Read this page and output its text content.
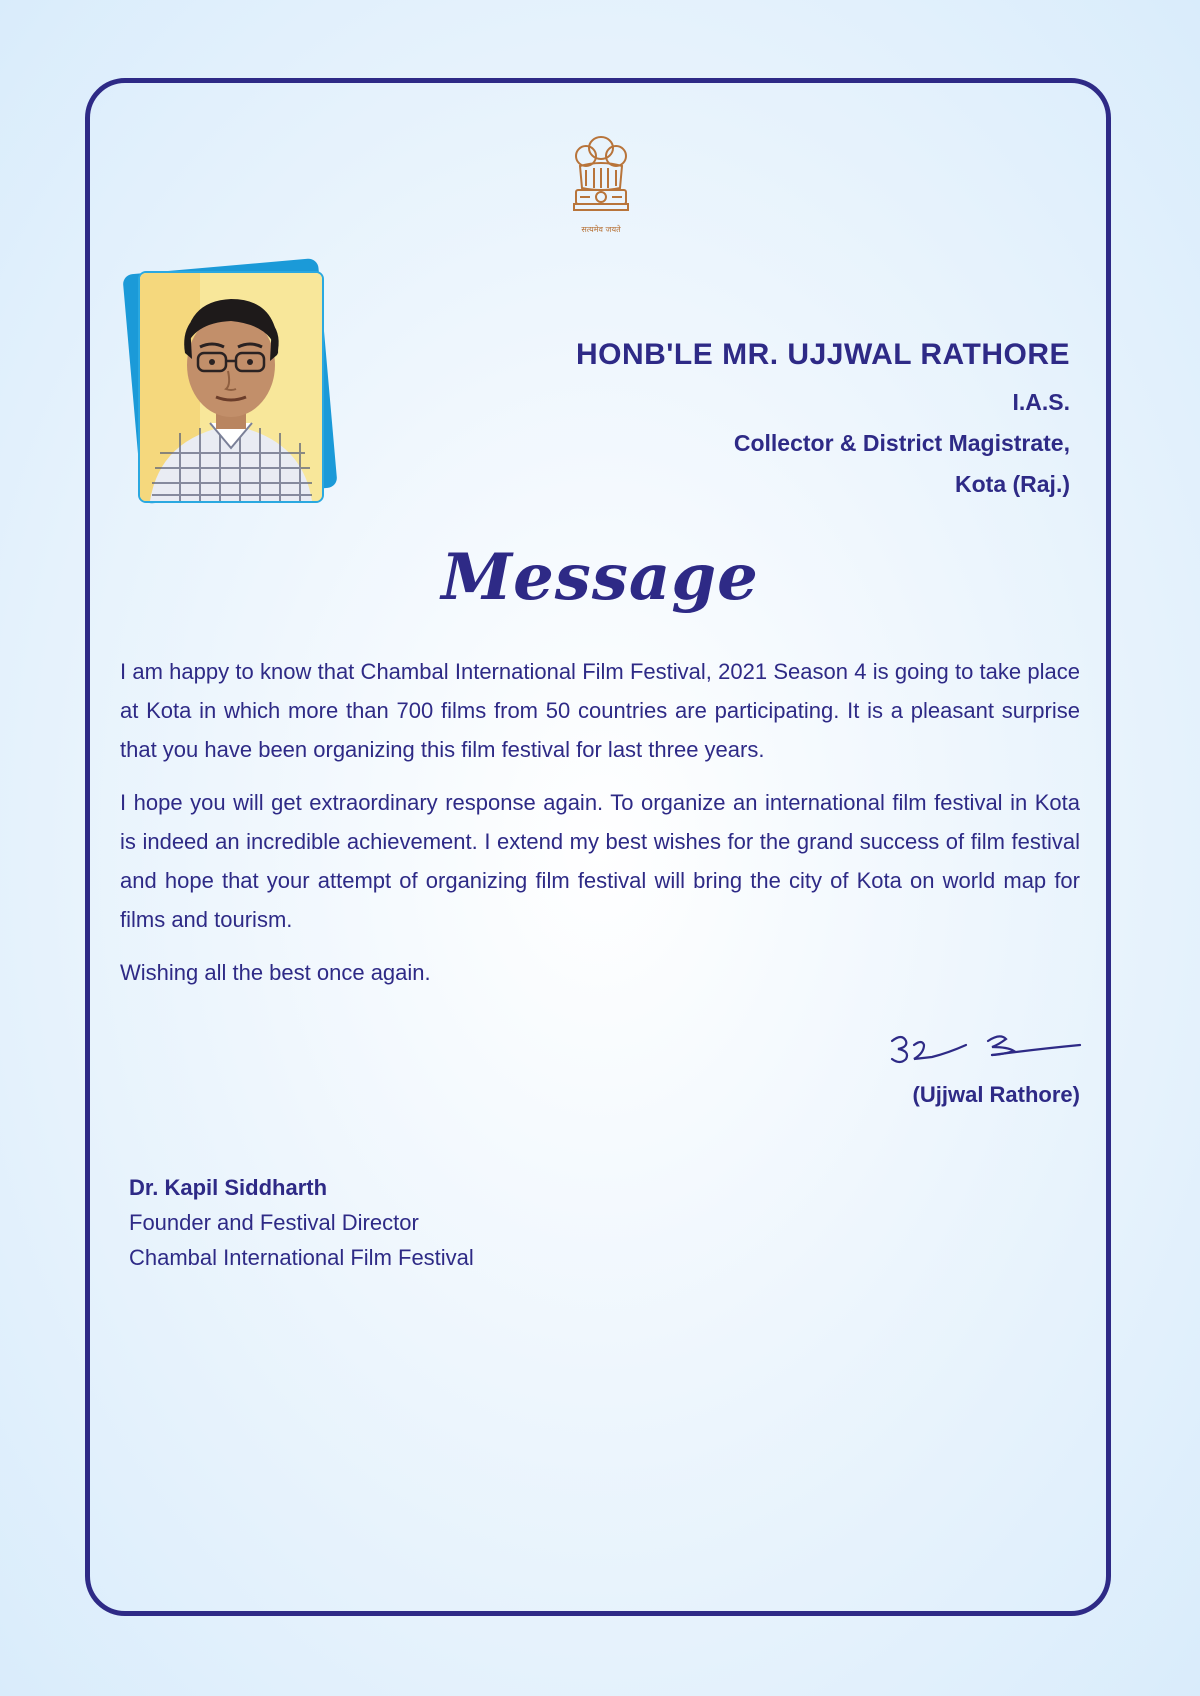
सत्यमेव जयते
HONB'LE MR. UJJWAL RATHORE
I.A.S.
Collector & District Magistrate,
Kota (Raj.)
Message

I am happy to know that Chambal International Film Festival, 2021 Season 4 is going to take place at Kota in which more than 700 films from 50 countries are participating. It is a pleasant surprise that you have been organizing this film festival for last three years.

I hope you will get extraordinary response again. To organize an international film festival in Kota is indeed an incredible achievement. I extend my best wishes for the grand success of film festival and hope that your attempt of organizing film festival will bring the city of Kota on world map for films and tourism.

Wishing all the best once again.

(Ujjwal Rathore)
Dr. Kapil Siddharth
Founder and Festival Director
Chambal International Film Festival
